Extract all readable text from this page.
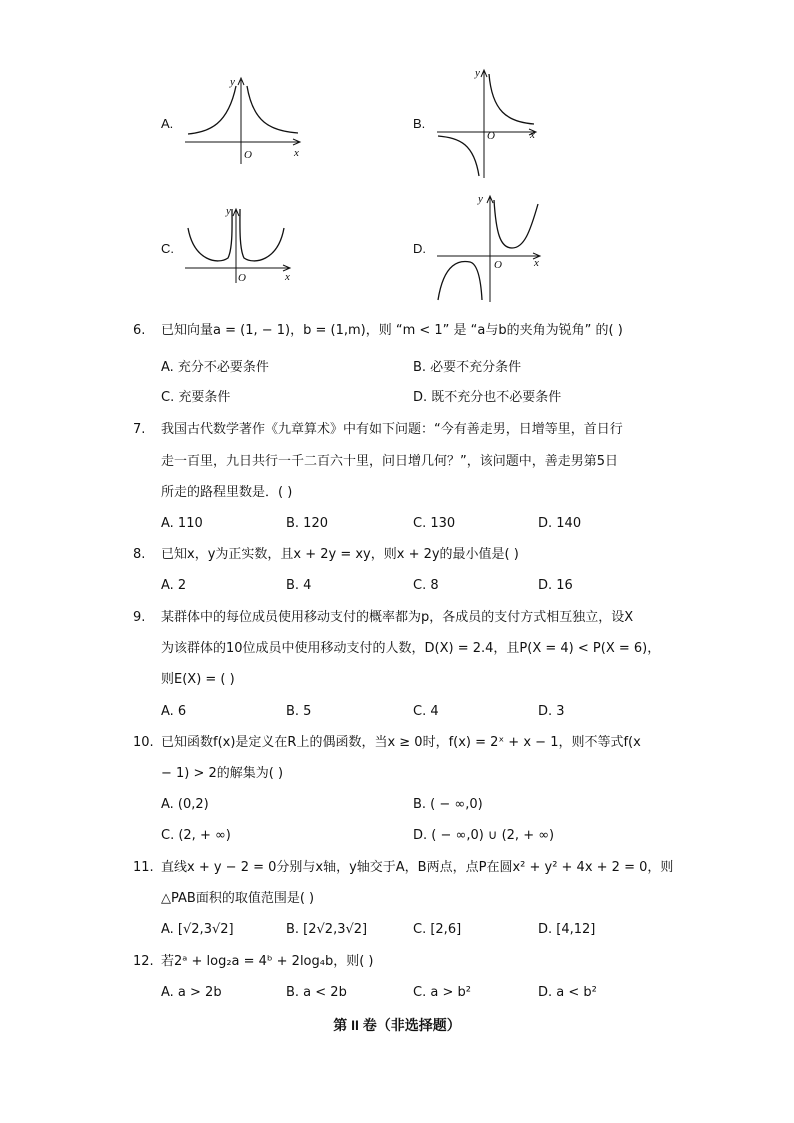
A.
y
x
O
B.
y
x
O
C.
y
x
O
D.
y
x
O
6. 已知向量a = (1, − 1)，b = (1,m)，则 “m < 1” 是 “a与b的夹角为锐角” 的( )
A. 充分不必要条件	B. 必要不充分条件
C. 充要条件	D. 既不充分也不必要条件
7. 我国古代数学著作《九章算术》中有如下问题：“今有善走男，日增等里，首日行
走一百里，九日共行一千二百六十里，问日增几何？”，该问题中，善走男第5日
所走的路程里数是．( )
A. 110	B. 120	C. 130	D. 140
8. 已知x，y为正实数，且x + 2y = xy，则x + 2y的最小值是( )
A. 2	B. 4	C. 8	D. 16
9. 某群体中的每位成员使用移动支付的概率都为p，各成员的支付方式相互独立，设X
为该群体的10位成员中使用移动支付的人数，D(X) = 2.4，且P(X = 4) < P(X = 6)，
则E(X) = ( )
A. 6	B. 5	C. 4	D. 3
10. 已知函数f(x)是定义在R上的偶函数，当x ≥ 0时，f(x) = 2ˣ + x − 1，则不等式f(x
− 1) > 2的解集为( )
A. (0,2)	B. ( − ∞,0)
C. (2, + ∞)	D. ( − ∞,0) ∪ (2, + ∞)
11. 直线x + y − 2 = 0分别与x轴，y轴交于A，B两点，点P在圆x² + y² + 4x + 2 = 0，则
△PAB面积的取值范围是( )
A. [√2,3√2]	B. [2√2,3√2]	C. [2,6]	D. [4,12]
12. 若2ᵃ + log₂a = 4ᵇ + 2log₄b，则( )
A. a > 2b	B. a < 2b	C. a > b²	D. a < b²
第 II 卷（非选择题）
